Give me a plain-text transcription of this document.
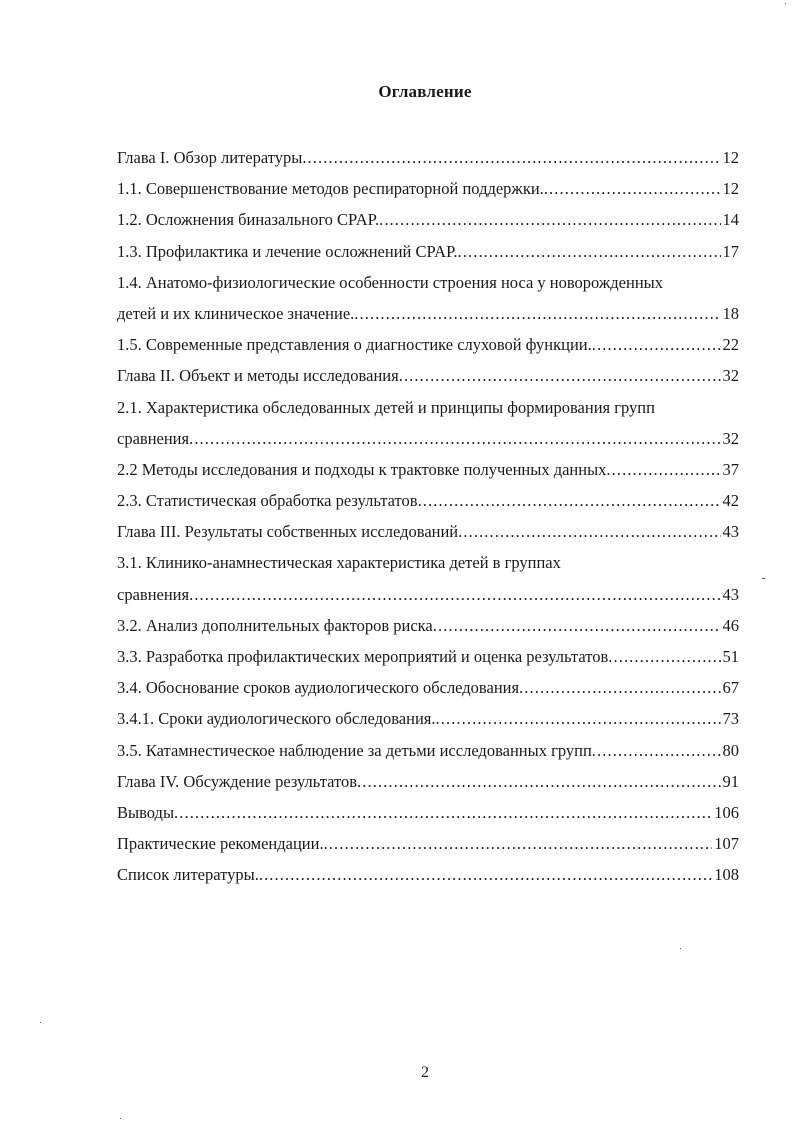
Оглавление
Глава I. Обзор литературы .....	12
1.1. Совершенствование методов респираторной поддержки. .....	12
1.2. Осложнения биназального CPAP. .....	14
1.3. Профилактика и лечение осложнений CPAP. .....	17
1.4. Анатомо-физиологические особенности строения носа у новорожденных
детей и их клиническое значение. .....	18
1.5. Современные представления о диагностике слуховой функции. .....	22
Глава II. Объект и методы исследования .....	32
2.1. Характеристика обследованных детей и принципы формирования групп
сравнения .....	32
2.2 Методы исследования и подходы к трактовке полученных данных .....	37
2.3. Статистическая обработка результатов .....	42
Глава III. Результаты собственных исследований .....	43
3.1. Клинико-анамнестическая характеристика детей в группах
сравнения .....	43
3.2. Анализ дополнительных факторов риска .....	46
3.3. Разработка профилактических мероприятий и оценка результатов .....	51
3.4. Обоснование сроков аудиологического обследования .....	67
3.4.1. Сроки аудиологического обследования. .....	73
3.5. Катамнестическое наблюдение за детьми исследованных групп .....	80
Глава IV. Обсуждение результатов .....	91
Выводы .....	106
Практические рекомендации. .....	107
Список литературы. .....	108
2
